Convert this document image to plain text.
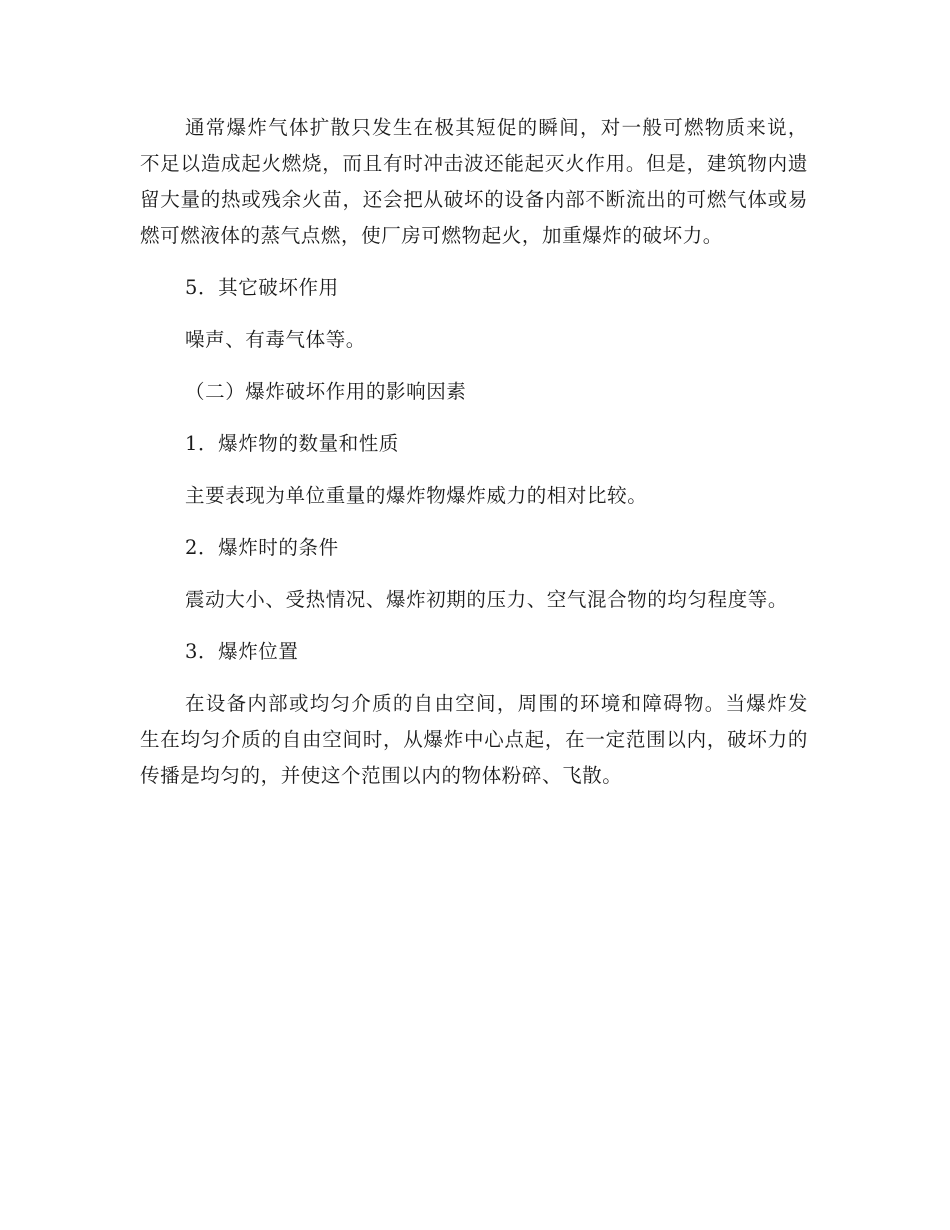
通常爆炸气体扩散只发生在极其短促的瞬间，对一般可燃物质来说，不足以造成起火燃烧，而且有时冲击波还能起灭火作用。但是，建筑物内遗留大量的热或残余火苗，还会把从破坏的设备内部不断流出的可燃气体或易燃可燃液体的蒸气点燃，使厂房可燃物起火，加重爆炸的破坏力。

5．其它破坏作用

噪声、有毒气体等。

（二）爆炸破坏作用的影响因素

1．爆炸物的数量和性质

主要表现为单位重量的爆炸物爆炸威力的相对比较。

2．爆炸时的条件

震动大小、受热情况、爆炸初期的压力、空气混合物的均匀程度等。

3．爆炸位置

在设备内部或均匀介质的自由空间，周围的环境和障碍物。当爆炸发生在均匀介质的自由空间时，从爆炸中心点起，在一定范围以内，破坏力的传播是均匀的，并使这个范围以内的物体粉碎、飞散。
